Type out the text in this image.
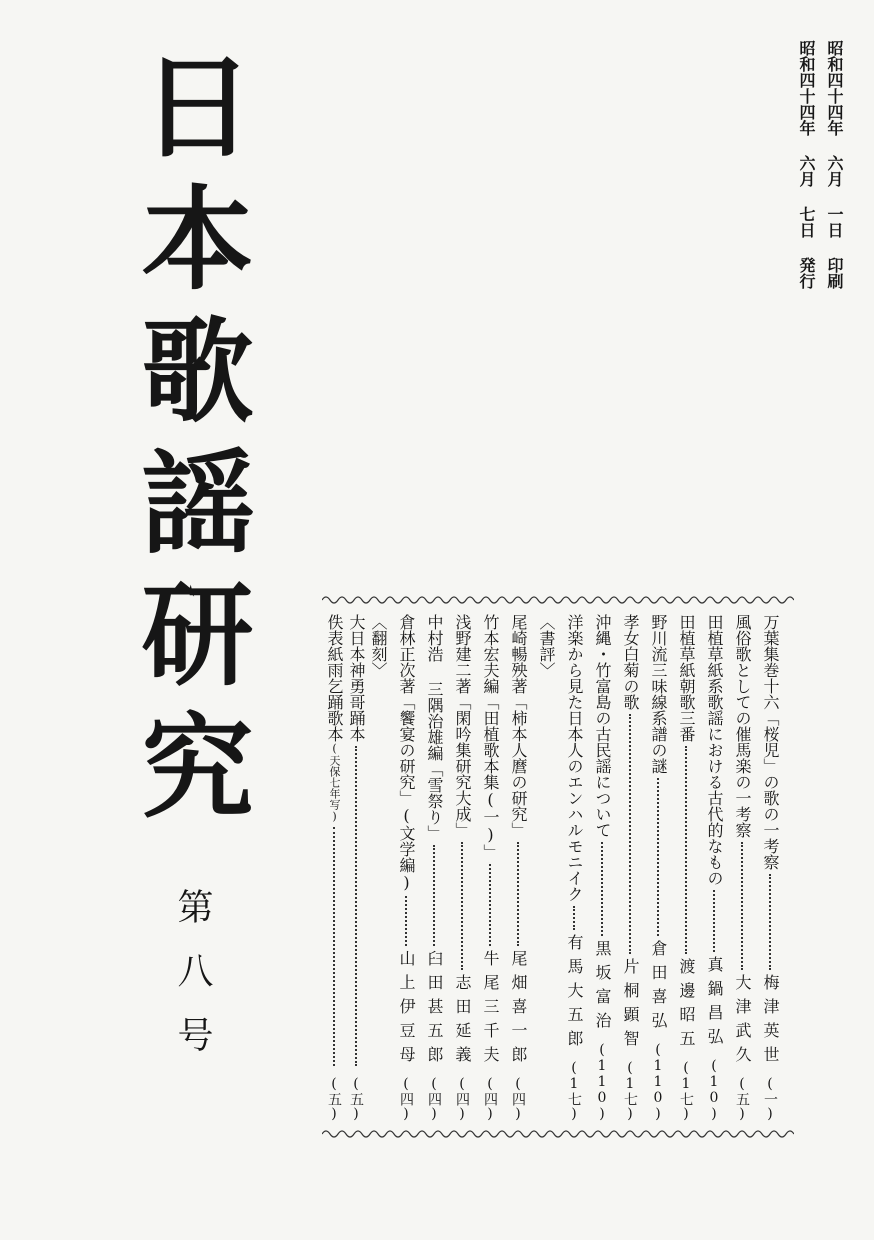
日本歌謡研究
第八号
昭和四十四年 六月 一日 印刷
昭和四十四年 六月 七日 発行
万葉集巻十六「桜児」の歌の一考察
梅津英世
(一)
風俗歌としての催馬楽の一考察
大津武久
(五)
田植草紙系歌謡における古代的なもの
真鍋昌弘
(10)
田植草紙朝歌三番
渡邊昭五
(1七)
野川流三味線系譜の謎
倉田喜弘
(110)
孝女白菊の歌
片桐顕智
(1七)
沖縄・竹富島の古民謡について
黒坂富治
(110)
洋楽から見た日本人のエンハルモニイク
有馬大五郎
(1七)
〈書評〉
尾崎暢殃著「柿本人麿の研究」
尾畑喜一郎
(四)
竹本宏夫編「田植歌本集(一)」
牛尾三千夫
(四)
浅野建二著「閑吟集研究大成」
志田延義
(四)
中村浩 三隅治雄編「雪祭り」
臼田甚五郎
(四)
倉林正次著「饗宴の研究」(文学編)
山上伊豆母
(四)
〈翻刻〉
大日本神勇哥踊本
(五)
佚表紙雨乞踊歌本
(天保七年写)
(五)
